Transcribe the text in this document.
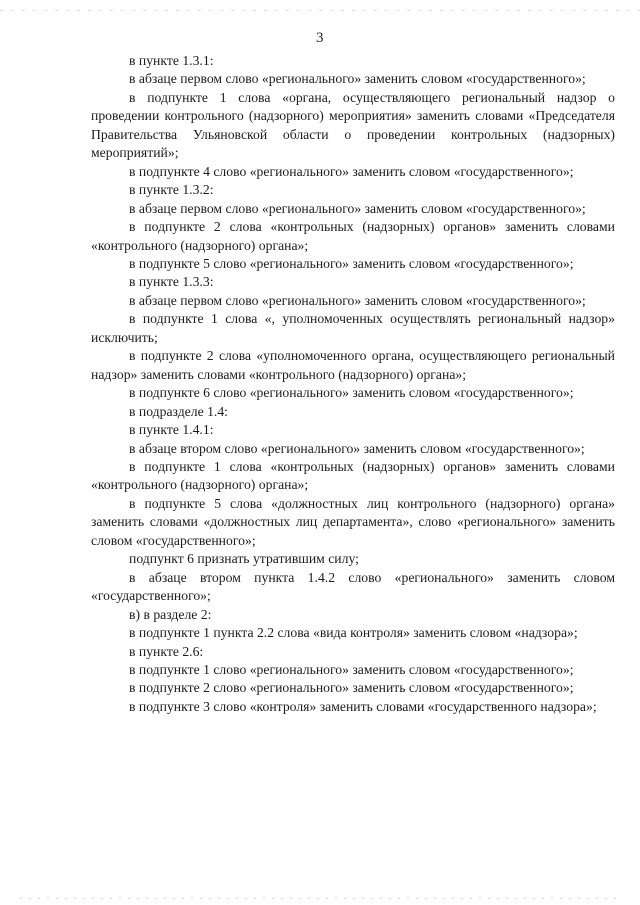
3

в пункте 1.3.1:

в абзаце первом слово «регионального» заменить словом «государственного»;

в подпункте 1 слова «органа, осуществляющего региональный надзор о проведении контрольного (надзорного) мероприятия» заменить словами «Председателя Правительства Ульяновской области о проведении контрольных (надзорных) мероприятий»;

в подпункте 4 слово «регионального» заменить словом «государственного»;

в пункте 1.3.2:

в абзаце первом слово «регионального» заменить словом «государственного»;

в подпункте 2 слова «контрольных (надзорных) органов» заменить словами «контрольного (надзорного) органа»;

в подпункте 5 слово «регионального» заменить словом «государственного»;

в пункте 1.3.3:

в абзаце первом слово «регионального» заменить словом «государственного»;

в подпункте 1 слова «, уполномоченных осуществлять региональный надзор» исключить;

в подпункте 2 слова «уполномоченного органа, осуществляющего региональный надзор» заменить словами «контрольного (надзорного) органа»;

в подпункте 6 слово «регионального» заменить словом «государственного»;

в подразделе 1.4:

в пункте 1.4.1:

в абзаце втором слово «регионального» заменить словом «государственного»;

в подпункте 1 слова «контрольных (надзорных) органов» заменить словами «контрольного (надзорного) органа»;

в подпункте 5 слова «должностных лиц контрольного (надзорного) органа» заменить словами «должностных лиц департамента», слово «регионального» заменить словом «государственного»;

подпункт 6 признать утратившим силу;

в абзаце втором пункта 1.4.2 слово «регионального» заменить словом «государственного»;

в) в разделе 2:

в подпункте 1 пункта 2.2 слова «вида контроля» заменить словом «надзора»;

в пункте 2.6:

в подпункте 1 слово «регионального» заменить словом «государственного»;

в подпункте 2 слово «регионального» заменить словом «государственного»;

в подпункте 3 слово «контроля» заменить словами «государственного надзора»;
